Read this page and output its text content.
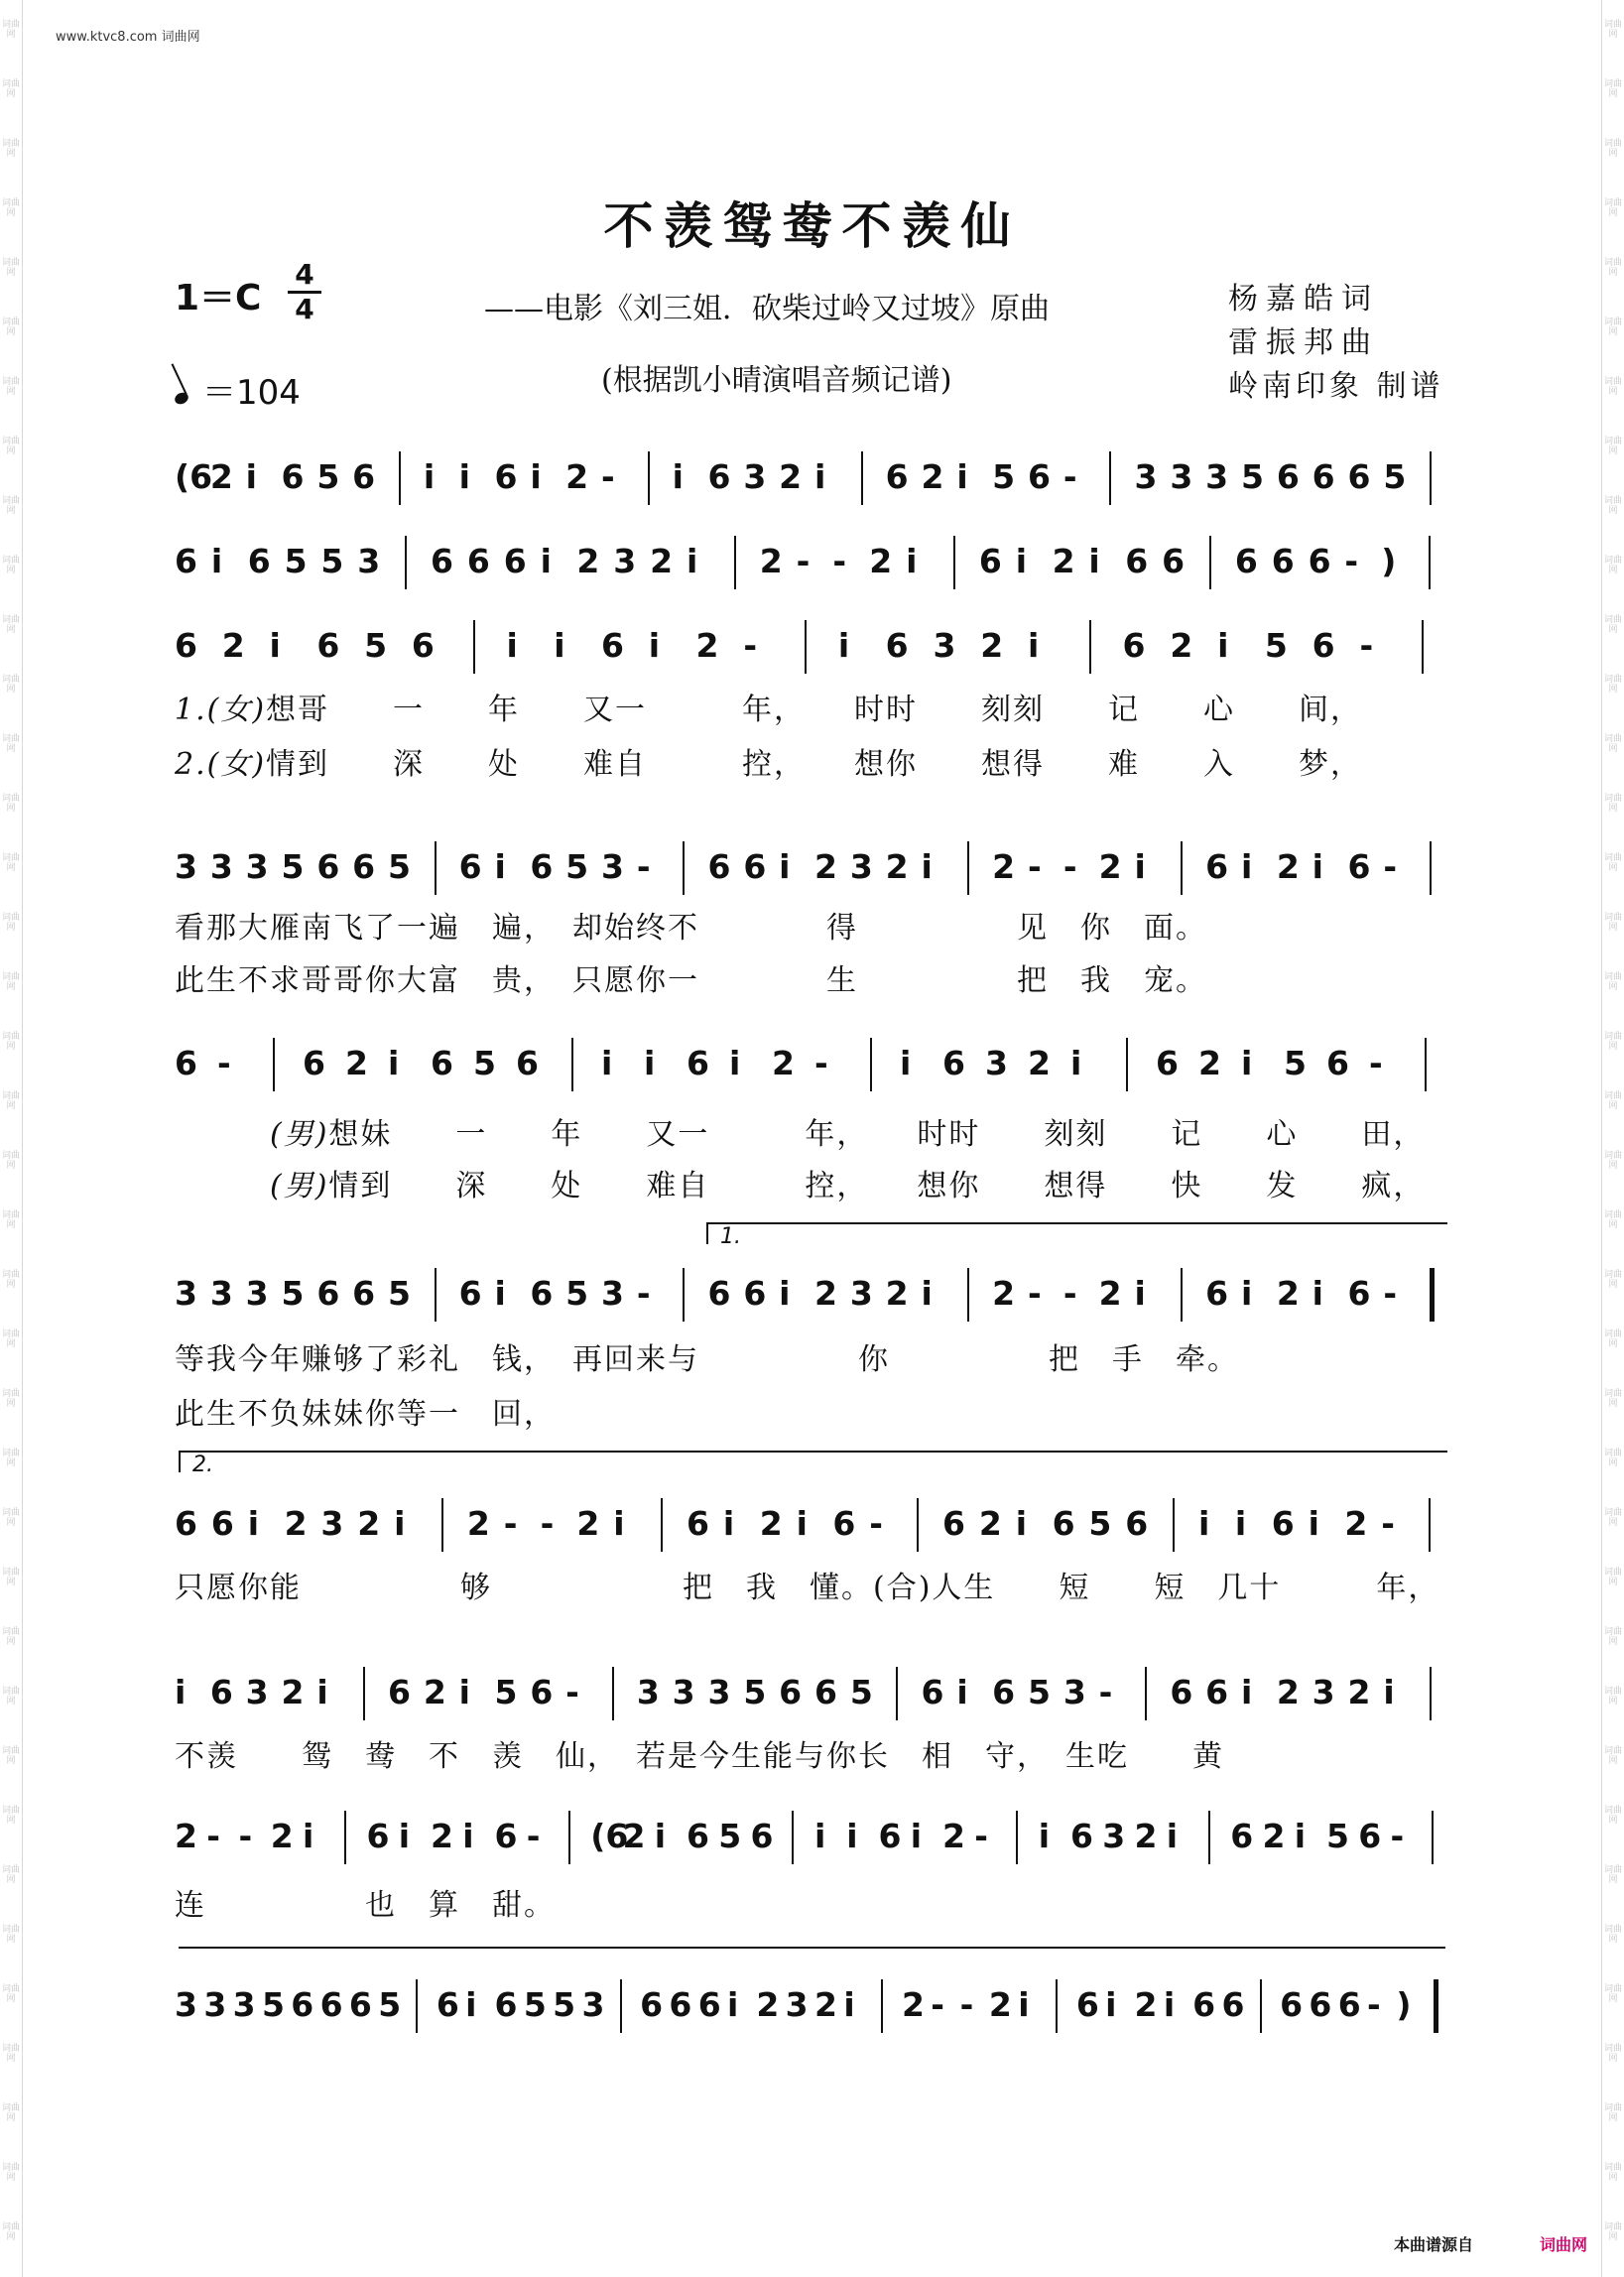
词曲网
词曲网
词曲网
词曲网
词曲网
词曲网
词曲网
词曲网
词曲网
词曲网
词曲网
词曲网
词曲网
词曲网
词曲网
词曲网
词曲网
词曲网
词曲网
词曲网
词曲网
词曲网
词曲网
词曲网
词曲网
词曲网
词曲网
词曲网
词曲网
词曲网
词曲网
词曲网
词曲网
词曲网
词曲网
词曲网
词曲网
词曲网
词曲网
词曲网
词曲网
词曲网
词曲网
词曲网
词曲网
词曲网
词曲网
词曲网
词曲网
词曲网
词曲网
词曲网
词曲网
词曲网
词曲网
词曲网
词曲网
词曲网
词曲网
词曲网
词曲网
词曲网
词曲网
词曲网
词曲网
词曲网
词曲网
词曲网
词曲网
词曲网
词曲网
词曲网
词曲网
词曲网
词曲网
词曲网
www.ktvc8.com 词曲网
不羡鸳鸯不羡仙
1＝C
4
4
＝104
——电影《刘三姐．砍柴过岭又过坡》原曲
(根据凯小晴演唱音频记谱)
杨嘉皓词
雷振邦曲
岭南印象 制谱
(6
2 i 6 5 6 i i 6 i 2 - i 6 3 2 i 6 2 i 5 6 - 3 3 3 5 6 6 6 5
6 i 6 5 5 3 6 6 6 i 2 3 2 i 2 - - 2 i 6 i 2 i 6 6 6 6 6 - )
6 2 i 6 5 6 i i 6 i 2 - i 6 3 2 i	6 2 i 5 6 -
3 3 3 5 6 6 5 6 i 6 5 3 - 6 6 i 2 3 2 i 2 - - 2 i 6 i 2 i 6 -
6 - 6 2 i 6 5 6 i i 6 i 2 - i 6 3 2 i 6 2 i 5 6 -
3 3 3 5 6 6 5 6 i 6 5 3 - 6 6 i 2 3 2 i 2 - - 2 i 6 i 2 i 6 -
6 6 i 2 3 2 i 2 - - 2 i 6 i 2 i 6 - 6 2 i 6 5 6 i i 6 i 2 -
i 6 3 2 i 6 2 i 5 6 - 3 3 3 5 6 6 5 6 i 6 5 3 - 6 6 i 2 3 2 i
2 - - 2 i 6 i 2 i 6 - (6
2 i 6 5 6 i i 6 i 2 - i 6 3 2 i 6 2 i 5 6 -
3 3 3 5 6 6 6 5 6 i 6 5 5 3 6 6 6 i 2 3 2 i 2 - - 2 i 6 i 2 i 6 6 6 6 6 - )
1.(女)想哥　　一　　年　　又一　　　年，　　时时　　刻刻　　记　　心　　间，
2.(女)情到　　深　　处　　难自　　　控，　　想你　　想得　　难　　入　　梦，
看那大雁南飞了一遍　遍，　却始终不　　　　得　　　　　见　你　面。
此生不求哥哥你大富　贵，　只愿你一　　　　生　　　　　把　我　宠。
　　　(男)想妹　　一　　年　　又一　　　年，　　时时　　刻刻　　记　　心　　田，
　　　(男)情到　　深　　处　　难自　　　控，　　想你　　想得　　快　　发　　疯，
等我今年赚够了彩礼　钱，　再回来与　　　　　你　　　　　把　手　牵。
此生不负妹妹你等一　回，
只愿你能　　　　　够　　　　　　把　我　懂。(合)人生　　短　　短　几十　　　年，
不羡　　鸳　鸯　不　羡　仙，　若是今生能与你长　相　守，　生吃　　黄
连　　　　　也　算　甜。
1.
2.
本曲谱源自	词曲网
